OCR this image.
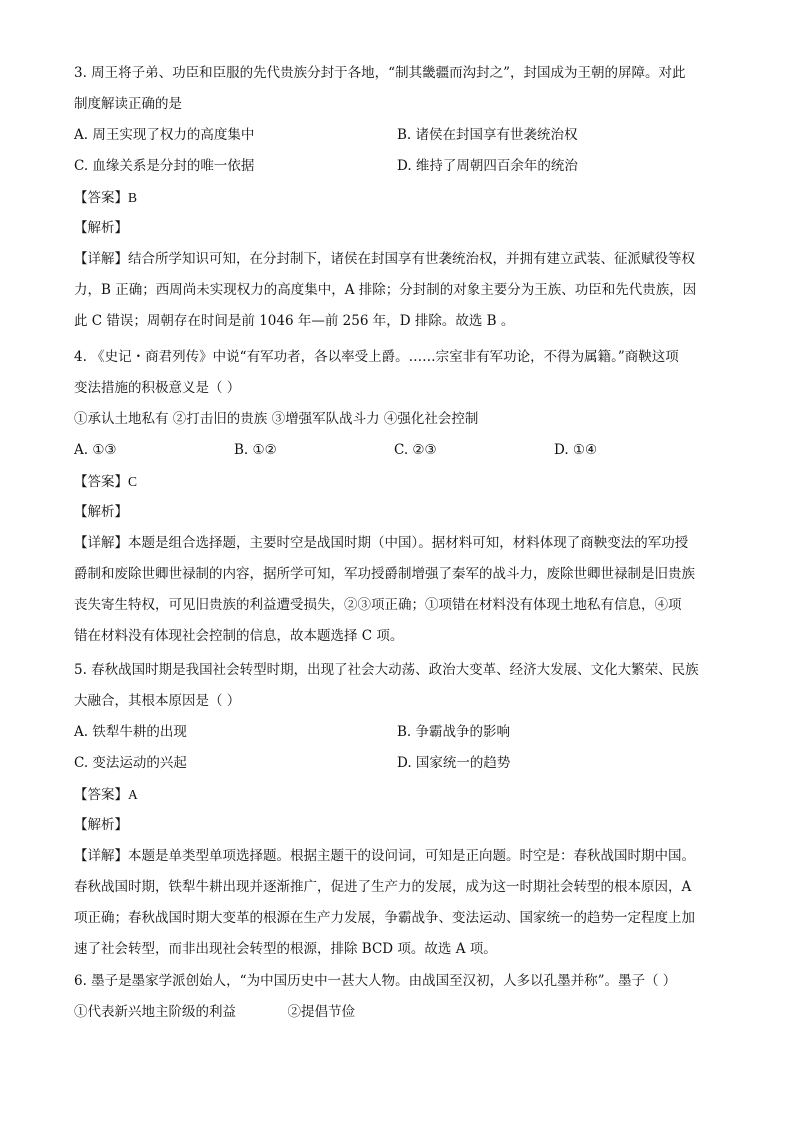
3. 周王将子弟、功臣和臣服的先代贵族分封于各地，“制其畿疆而沟封之”，封国成为王朝的屏障。对此
制度解读正确的是
A. 周王实现了权力的高度集中	B. 诸侯在封国享有世袭统治权
C. 血缘关系是分封的唯一依据	D. 维持了周朝四百余年的统治
【答案】B
【解析】
【详解】结合所学知识可知，在分封制下，诸侯在封国享有世袭统治权，并拥有建立武装、征派赋役等权
力，B 正确；西周尚未实现权力的高度集中，A 排除；分封制的对象主要分为王族、功臣和先代贵族，因
此 C 错误；周朝存在时间是前 1046 年—前 256 年，D 排除。故选 B 。
4. 《史记・商君列传》中说“有军功者，各以率受上爵。……宗室非有军功论，不得为属籍。”商鞅这项
变法措施的积极意义是（ ）
①承认土地私有 ②打击旧的贵族 ③增强军队战斗力 ④强化社会控制
A. ①③	B. ①②	C. ②③	D. ①④
【答案】C
【解析】
【详解】本题是组合选择题，主要时空是战国时期（中国）。据材料可知，材料体现了商鞅变法的军功授
爵制和废除世卿世禄制的内容，据所学可知，军功授爵制增强了秦军的战斗力，废除世卿世禄制是旧贵族
丧失寄生特权，可见旧贵族的利益遭受损失，②③项正确；①项错在材料没有体现土地私有信息，④项
错在材料没有体现社会控制的信息，故本题选择 C 项。
5. 春秋战国时期是我国社会转型时期，出现了社会大动荡、政治大变革、经济大发展、文化大繁荣、民族
大融合，其根本原因是（ ）
A. 铁犁牛耕的出现	B. 争霸战争的影响
C. 变法运动的兴起	D. 国家统一的趋势
【答案】A
【解析】
【详解】本题是单类型单项选择题。根据主题干的设问词，可知是正向题。时空是：春秋战国时期中国。
春秋战国时期，铁犁牛耕出现并逐渐推广，促进了生产力的发展，成为这一时期社会转型的根本原因，A
项正确；春秋战国时期大变革的根源在生产力发展，争霸战争、变法运动、国家统一的趋势一定程度上加
速了社会转型，而非出现社会转型的根源，排除 BCD 项。故选 A 项。
6. 墨子是墨家学派创始人，“为中国历史中一甚大人物。由战国至汉初，人多以孔墨并称”。墨子（ ）
①代表新兴地主阶级的利益            ②提倡节俭
